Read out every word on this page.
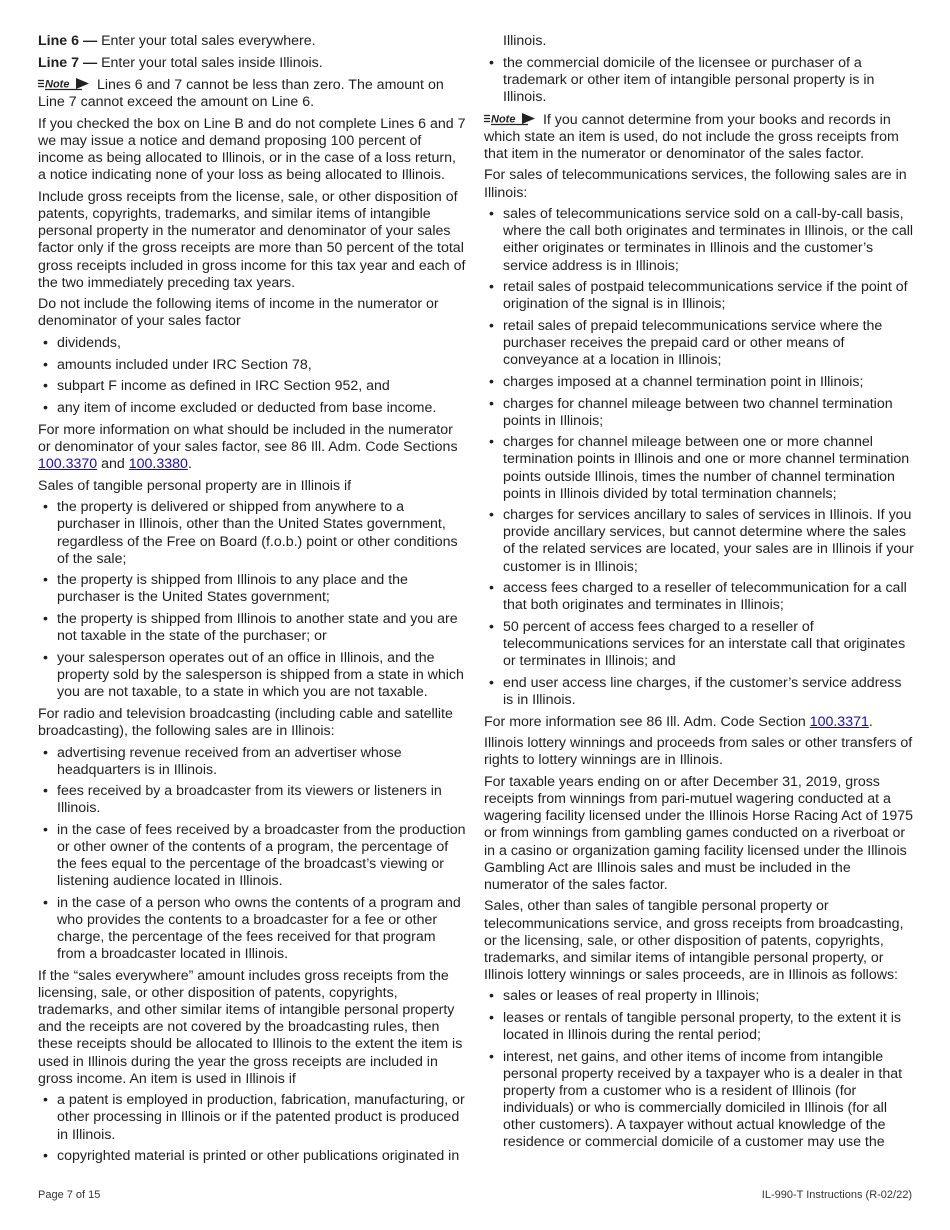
Line 6 — Enter your total sales everywhere.

Line 7 — Enter your total sales inside Illinois.

Note Lines 6 and 7 cannot be less than zero. The amount on Line 7 cannot exceed the amount on Line 6.

If you checked the box on Line B and do not complete Lines 6 and 7 we may issue a notice and demand proposing 100 percent of income as being allocated to Illinois, or in the case of a loss return, a notice indicating none of your loss as being allocated to Illinois.

Include gross receipts from the license, sale, or other disposition of patents, copyrights, trademarks, and similar items of intangible personal property in the numerator and denominator of your sales factor only if the gross receipts are more than 50 percent of the total gross receipts included in gross income for this tax year and each of the two immediately preceding tax years.

Do not include the following items of income in the numerator or denominator of your sales factor

• dividends,
• amounts included under IRC Section 78,
• subpart F income as defined in IRC Section 952, and
• any item of income excluded or deducted from base income.

For more information on what should be included in the numerator or denominator of your sales factor, see 86 Ill. Adm. Code Sections 100.3370 and 100.3380.

Sales of tangible personal property are in Illinois if

• the property is delivered or shipped from anywhere to a purchaser in Illinois, other than the United States government, regardless of the Free on Board (f.o.b.) point or other conditions of the sale;
• the property is shipped from Illinois to any place and the purchaser is the United States government;
• the property is shipped from Illinois to another state and you are not taxable in the state of the purchaser; or
• your salesperson operates out of an office in Illinois, and the property sold by the salesperson is shipped from a state in which you are not taxable, to a state in which you are not taxable.

For radio and television broadcasting (including cable and satellite broadcasting), the following sales are in Illinois:

• advertising revenue received from an advertiser whose headquarters is in Illinois.
• fees received by a broadcaster from its viewers or listeners in Illinois.
• in the case of fees received by a broadcaster from the production or other owner of the contents of a program, the percentage of the fees equal to the percentage of the broadcast’s viewing or listening audience located in Illinois.
• in the case of a person who owns the contents of a program and who provides the contents to a broadcaster for a fee or other charge, the percentage of the fees received for that program from a broadcaster located in Illinois.

If the “sales everywhere” amount includes gross receipts from the licensing, sale, or other disposition of patents, copyrights, trademarks, and other similar items of intangible personal property and the receipts are not covered by the broadcasting rules, then these receipts should be allocated to Illinois to the extent the item is used in Illinois during the year the gross receipts are included in gross income. An item is used in Illinois if

• a patent is employed in production, fabrication, manufacturing, or other processing in Illinois or if the patented product is produced in Illinois.
• copyrighted material is printed or other publications originated in
Illinois.
• the commercial domicile of the licensee or purchaser of a trademark or other item of intangible personal property is in Illinois.

Note If you cannot determine from your books and records in which state an item is used, do not include the gross receipts from that item in the numerator or denominator of the sales factor.

For sales of telecommunications services, the following sales are in Illinois:

• sales of telecommunications service sold on a call-by-call basis, where the call both originates and terminates in Illinois, or the call either originates or terminates in Illinois and the customer’s service address is in Illinois;
• retail sales of postpaid telecommunications service if the point of origination of the signal is in Illinois;
• retail sales of prepaid telecommunications service where the purchaser receives the prepaid card or other means of conveyance at a location in Illinois;
• charges imposed at a channel termination point in Illinois;
• charges for channel mileage between two channel termination points in Illinois;
• charges for channel mileage between one or more channel termination points in Illinois and one or more channel termination points outside Illinois, times the number of channel termination points in Illinois divided by total termination channels;
• charges for services ancillary to sales of services in Illinois. If you provide ancillary services, but cannot determine where the sales of the related services are located, your sales are in Illinois if your customer is in Illinois;
• access fees charged to a reseller of telecommunication for a call that both originates and terminates in Illinois;
• 50 percent of access fees charged to a reseller of telecommunications services for an interstate call that originates or terminates in Illinois; and
• end user access line charges, if the customer’s service address is in Illinois.

For more information see 86 Ill. Adm. Code Section 100.3371.

Illinois lottery winnings and proceeds from sales or other transfers of rights to lottery winnings are in Illinois.

For taxable years ending on or after December 31, 2019, gross receipts from winnings from pari-mutuel wagering conducted at a wagering facility licensed under the Illinois Horse Racing Act of 1975 or from winnings from gambling games conducted on a riverboat or in a casino or organization gaming facility licensed under the Illinois Gambling Act are Illinois sales and must be included in the numerator of the sales factor.

Sales, other than sales of tangible personal property or telecommunications service, and gross receipts from broadcasting, or the licensing, sale, or other disposition of patents, copyrights, trademarks, and similar items of intangible personal property, or Illinois lottery winnings or sales proceeds, are in Illinois as follows:

• sales or leases of real property in Illinois;
• leases or rentals of tangible personal property, to the extent it is located in Illinois during the rental period;
• interest, net gains, and other items of income from intangible personal property received by a taxpayer who is a dealer in that property from a customer who is a resident of Illinois (for individuals) or who is commercially domiciled in Illinois (for all other customers). A taxpayer without actual knowledge of the residence or commercial domicile of a customer may use the
Page 7 of 15	IL-990-T Instructions (R-02/22)
